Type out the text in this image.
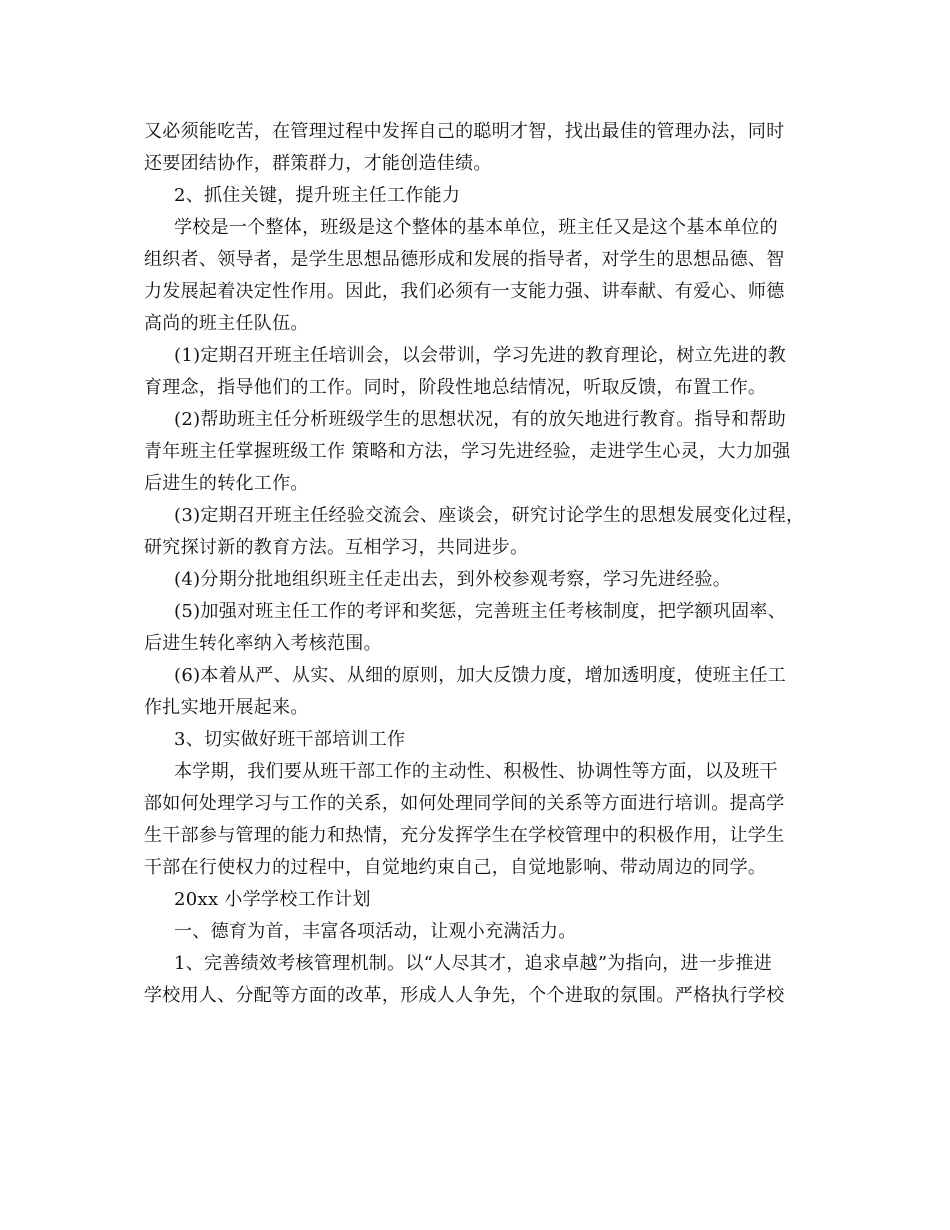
又必须能吃苦，在管理过程中发挥自己的聪明才智，找出最佳的管理办法，同时
还要团结协作，群策群力，才能创造佳绩。
2、抓住关键，提升班主任工作能力
学校是一个整体，班级是这个整体的基本单位，班主任又是这个基本单位的
组织者、领导者，是学生思想品德形成和发展的指导者，对学生的思想品德、智
力发展起着决定性作用。因此，我们必须有一支能力强、讲奉献、有爱心、师德
高尚的班主任队伍。
(1)定期召开班主任培训会，以会带训，学习先进的教育理论，树立先进的教
育理念，指导他们的工作。同时，阶段性地总结情况，听取反馈，布置工作。
(2)帮助班主任分析班级学生的思想状况，有的放矢地进行教育。指导和帮助
青年班主任掌握班级工作 策略和方法，学习先进经验，走进学生心灵，大力加强
后进生的转化工作。
(3)定期召开班主任经验交流会、座谈会，研究讨论学生的思想发展变化过程，
研究探讨新的教育方法。互相学习，共同进步。
(4)分期分批地组织班主任走出去，到外校参观考察，学习先进经验。
(5)加强对班主任工作的考评和奖惩，完善班主任考核制度，把学额巩固率、
后进生转化率纳入考核范围。
(6)本着从严、从实、从细的原则，加大反馈力度，增加透明度，使班主任工
作扎实地开展起来。
3、切实做好班干部培训工作
本学期，我们要从班干部工作的主动性、积极性、协调性等方面，以及班干
部如何处理学习与工作的关系，如何处理同学间的关系等方面进行培训。提高学
生干部参与管理的能力和热情，充分发挥学生在学校管理中的积极作用，让学生
干部在行使权力的过程中，自觉地约束自己，自觉地影响、带动周边的同学。
20xx 小学学校工作计划
一、德育为首，丰富各项活动，让观小充满活力。
1、完善绩效考核管理机制。以“人尽其才，追求卓越”为指向，进一步推进
学校用人、分配等方面的改革，形成人人争先，个个进取的氛围。严格执行学校
